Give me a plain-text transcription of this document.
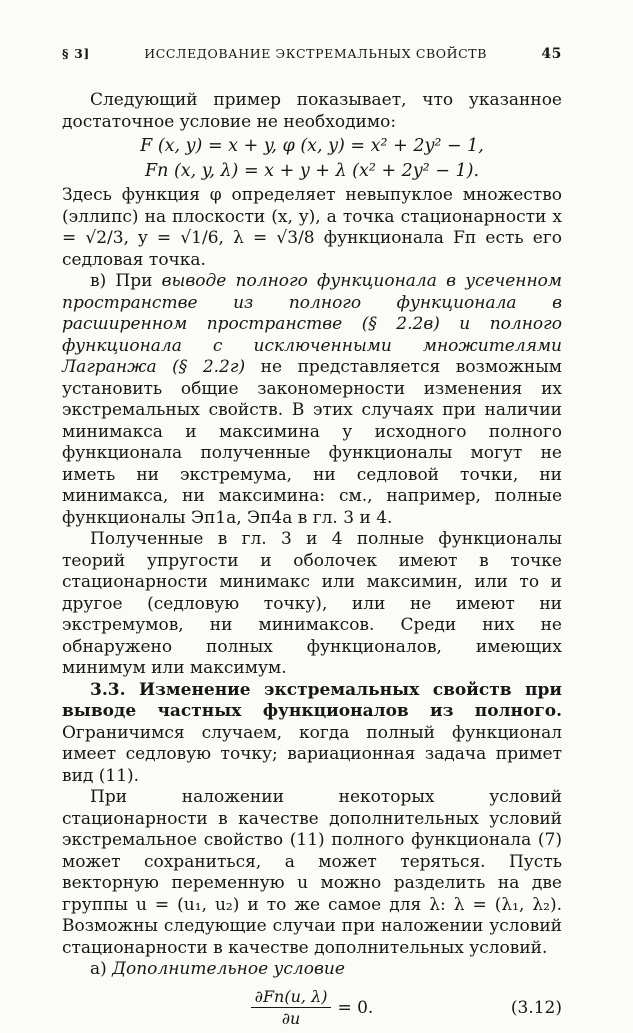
§ 3]	ИССЛЕДОВАНИЕ ЭКСТРЕМАЛЬНЫХ СВОЙСТВ	45

Следующий пример показывает, что указанное достаточное условие не необходимо:

F (x, y) = x + y, φ (x, y) = x² + 2y² − 1,
Fп (x, y, λ) = x + y + λ (x² + 2y² − 1).

Здесь функция φ определяет невыпуклое множество (эллипс) на плоскости (x, y), а точка стационарности x = √2/3, y = √1/6, λ = √3/8 функционала Fп есть его седловая точка.

в) При выводе полного функционала в усеченном пространстве из полного функционала в расширенном пространстве (§ 2.2в) и полного функционала с исключенными множителями Лагранжа (§ 2.2г) не представляется возможным установить общие закономерности изменения их экстремальных свойств. В этих случаях при наличии минимакса и максимина у исходного полного функционала полученные функционалы могут не иметь ни экстремума, ни седловой точки, ни минимакса, ни максимина: см., например, полные функционалы Эп1а, Эп4а в гл. 3 и 4.

Полученные в гл. 3 и 4 полные функционалы теорий упругости и оболочек имеют в точке стационарности минимакс или максимин, или то и другое (седловую точку), или не имеют ни экстремумов, ни минимаксов. Среди них не обнаружено полных функционалов, имеющих минимум или максимум.

3.3. Изменение экстремальных свойств при выводе частных функционалов из полного. Ограничимся случаем, когда полный функционал имеет седловую точку; вариационная задача примет вид (11).

При наложении некоторых условий стационарности в качестве дополнительных условий экстремальное свойство (11) полного функционала (7) может сохраниться, а может теряться. Пусть векторную переменную u можно разделить на две группы u = (u₁, u₂) и то же самое для λ: λ = (λ₁, λ₂). Возможны следующие случаи при наложении условий стационарности в качестве дополнительных условий.

а) Дополнительное условие

$\frac{\partial Fп(u, \lambda)}{\partial u} = 0$.	(3.12)
